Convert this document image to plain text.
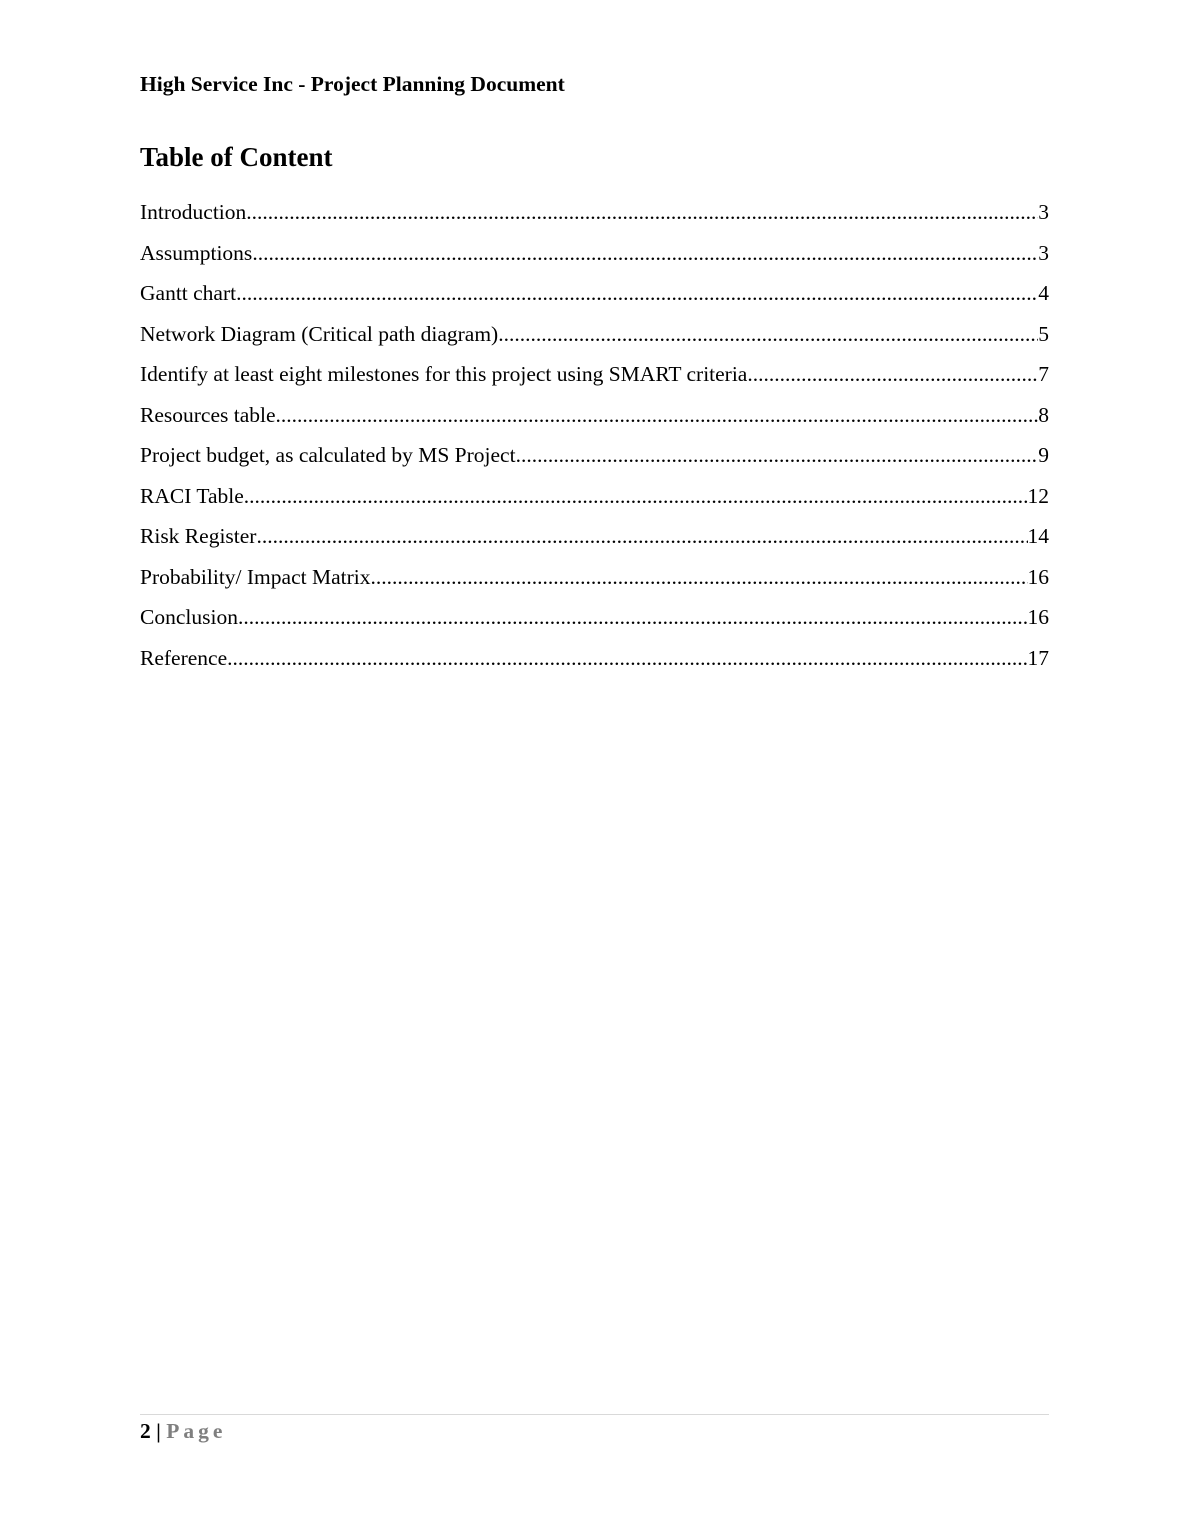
High Service Inc - Project Planning Document
Table of Content
Introduction .....	3
Assumptions .....	3
Gantt chart .....	4
Network Diagram (Critical path diagram) .....	5
Identify at least eight milestones for this project using SMART criteria .....	7
Resources table .....	8
Project budget, as calculated by MS Project .....	9
RACI Table .....	12
Risk Register .....	14
Probability/ Impact Matrix .....	16
Conclusion .....	16
Reference .....	17
2 | Page
